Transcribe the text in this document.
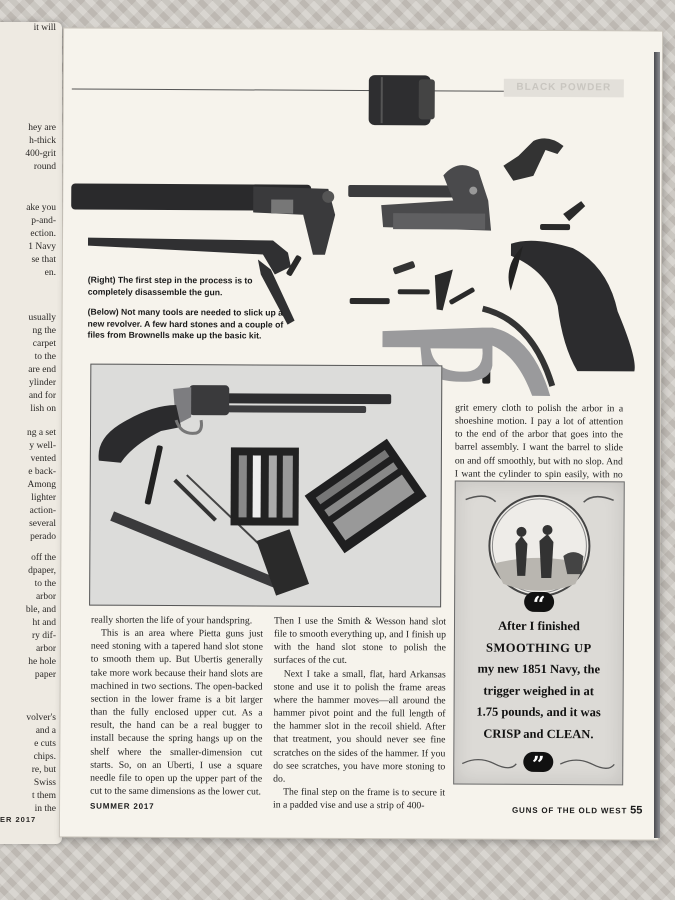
hey are
h-thick
400-grit
round
ake you
p-and-
ection.
1 Navy
se that
en.
usually
ng the
carpet
to the
are end
ylinder
and for
lish on
ng a set
y well-
vented
e back-
Among
lighter
action-
several
perado
off the
dpaper,
to the
arbor
ble, and
ht and
ry dif-
arbor
he hole
paper
volver's
and a
e cuts
chips.
re, but
Swiss
t them
in the
it will
ER 2017
BLACK POWDER
(Right) The first step in the process is to completely disassemble the gun.
(Below) Not many tools are needed to slick up a new revolver. A few hard stones and a couple of files from Brownells make up the basic kit.

really shorten the life of your handspring.

This is an area where Pietta guns just need stoning with a tapered hand slot stone to smooth them up. But Ubertis generally take more work because their hand slots are machined in two sections. The open-backed section in the lower frame is a bit larger than the fully enclosed upper cut. As a result, the hand can be a real bugger to install because the spring hangs up on the shelf where the smaller-dimension cut starts. So, on an Uberti, I use a square needle file to open up the upper part of the cut to the same dimensions as the lower cut.

Then I use the Smith & Wesson hand slot file to smooth everything up, and I finish up with the hand slot stone to polish the surfaces of the cut.

Next I take a small, flat, hard Arkansas stone and use it to polish the frame areas where the hammer moves—all around the hammer pivot point and the full length of the hammer slot in the recoil shield. After that treatment, you should never see fine scratches on the sides of the hammer. If you do see scratches, you have more stoning to do.

The final step on the frame is to secure it in a padded vise and use a strip of 400-

grit emery cloth to polish the arbor in a shoeshine motion. I pay a lot of attention to the end of the arbor that goes into the barrel assembly. I want the barrel to slide on and off smoothly, but with no slop. And I want the cylinder to spin easily, with no

“
After I finished
SMOOTHING UP
my new 1851 Navy, the
trigger weighed in at
1.75 pounds, and it was
CRISP and CLEAN.
”
SUMMER 2017	GUNS OF THE OLD WEST 55
